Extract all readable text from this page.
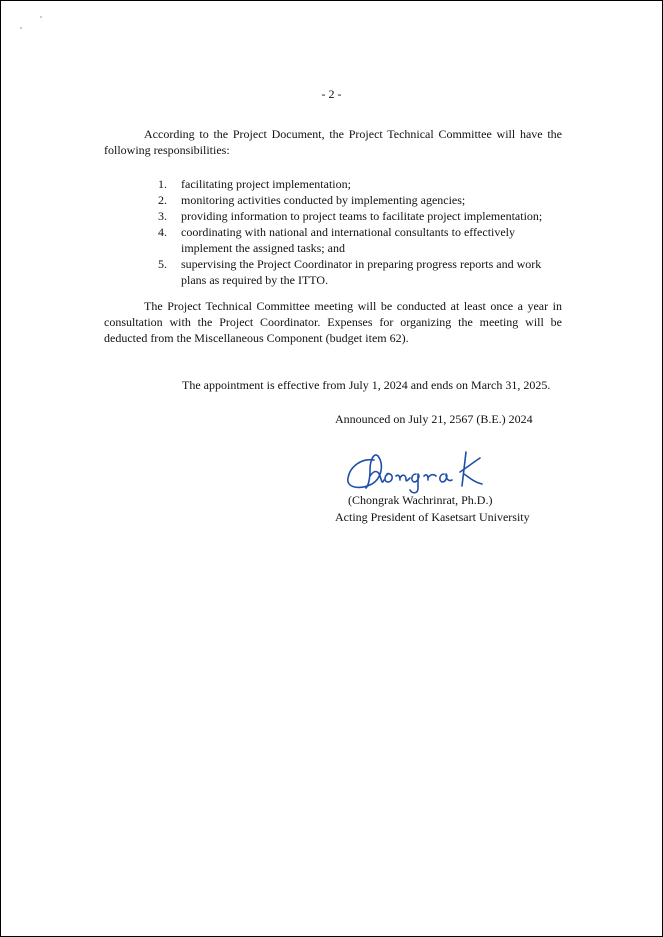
- 2 -
According to the Project Document, the Project Technical Committee will have the following responsibilities:
1. facilitating project implementation;
2. monitoring activities conducted by implementing agencies;
3. providing information to project teams to facilitate project implementation;
4. coordinating with national and international consultants to effectively implement the assigned tasks; and
5. supervising the Project Coordinator in preparing progress reports and work plans as required by the ITTO.
The Project Technical Committee meeting will be conducted at least once a year in consultation with the Project Coordinator. Expenses for organizing the meeting will be deducted from the Miscellaneous Component (budget item 62).
The appointment is effective from July 1, 2024 and ends on March 31, 2025.
Announced on July 21, 2567 (B.E.) 2024
(Chongrak Wachrinrat, Ph.D.)
Acting President of Kasetsart University
